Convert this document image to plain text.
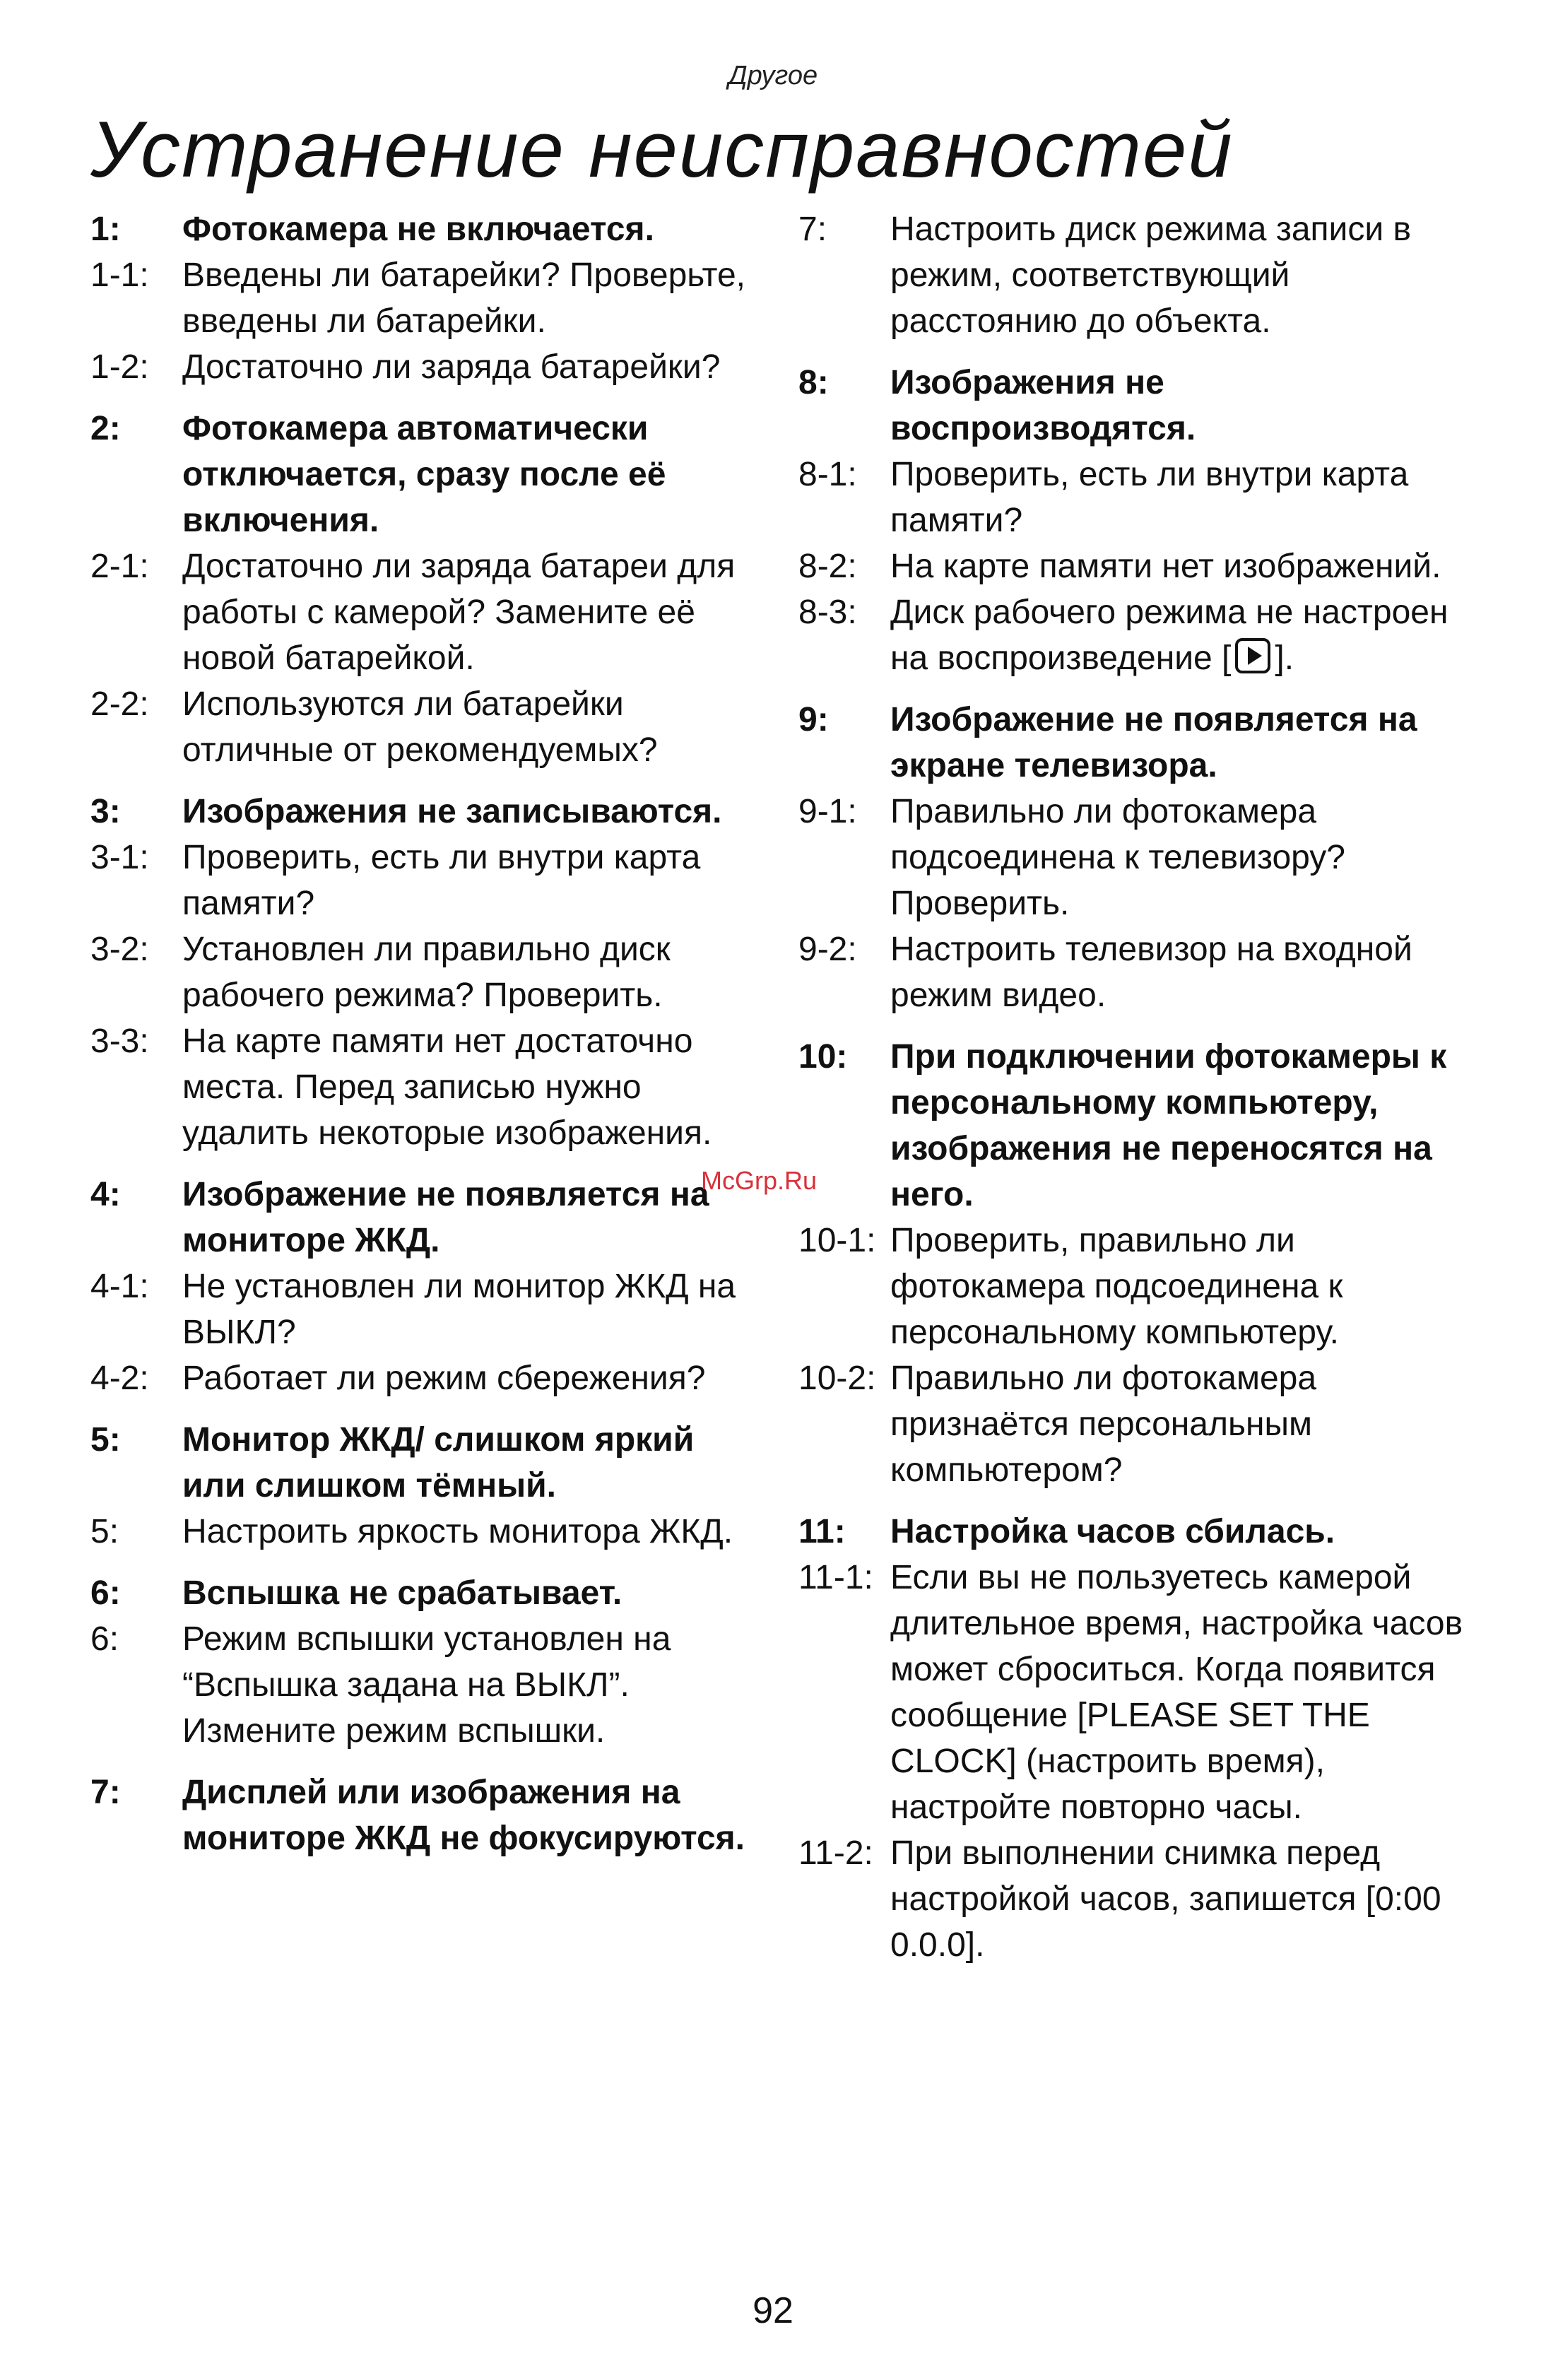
Другое
Устранение неисправностей
1:	Фотокамера не включается.
1-1: Введены ли батарейки? Проверьте, введены ли батарейки.
1-2: Достаточно ли заряда батарейки?
2:	Фотокамера автоматически отключается, сразу после её включения.
2-1: Достаточно ли заряда батареи для работы с камерой? Замените её новой батарейкой.
2-2: Используются ли батарейки отличные от рекомендуемых?
3:	Изображения не записываются.
3-1: Проверить, есть ли внутри карта памяти?
3-2: Установлен ли правильно диск рабочего режима? Проверить.
3-3: На карте памяти нет достаточно места. Перед записью нужно удалить некоторые изображения.
4:	Изображение не появляется на мониторе ЖКД.
4-1: Не установлен ли монитор ЖКД на ВЫКЛ?
4-2: Работает ли режим сбережения?
5:	Монитор ЖКД/ слишком яркий или слишком тёмный.
5:	Настроить яркость монитора ЖКД.
6:	Вспышка не срабатывает.
6:	Режим вспышки установлен на “Вспышка задана на ВЫКЛ”. Измените режим вспышки.
7:	Дисплей или изображения на мониторе ЖКД не фокусируются.
7:	Настроить диск режима записи в режим, соответствующий расстоянию до объекта.
8:	Изображения не воспроизводятся.
8-1: Проверить, есть ли внутри карта памяти?
8-2: На карте памяти нет изображений.
8-3: Диск рабочего режима не настроен на воспроизведение [ ].
9:	Изображение не появляется на экране телевизора.
9-1: Правильно ли фотокамера подсоединена к телевизору? Проверить.
9-2: Настроить телевизор на входной режим видео.
10:	При подключении фотокамеры к персональному компьютеру, изображения не переносятся на него.
10-1: Проверить, правильно ли фотокамера подсоединена к персональному компьютеру.
10-2: Правильно ли фотокамера признаётся персональным компьютером?
11:	Настройка часов сбилась.
11-1: Если вы не пользуетесь камерой длительное время, настройка часов может сброситься. Когда появится сообщение [PLEASE SET THE CLOCK] (настроить время), настройте повторно часы.
11-2: При выполнении снимка перед настройкой часов, запишется [0:00 0.0.0].
McGrp.Ru
92
